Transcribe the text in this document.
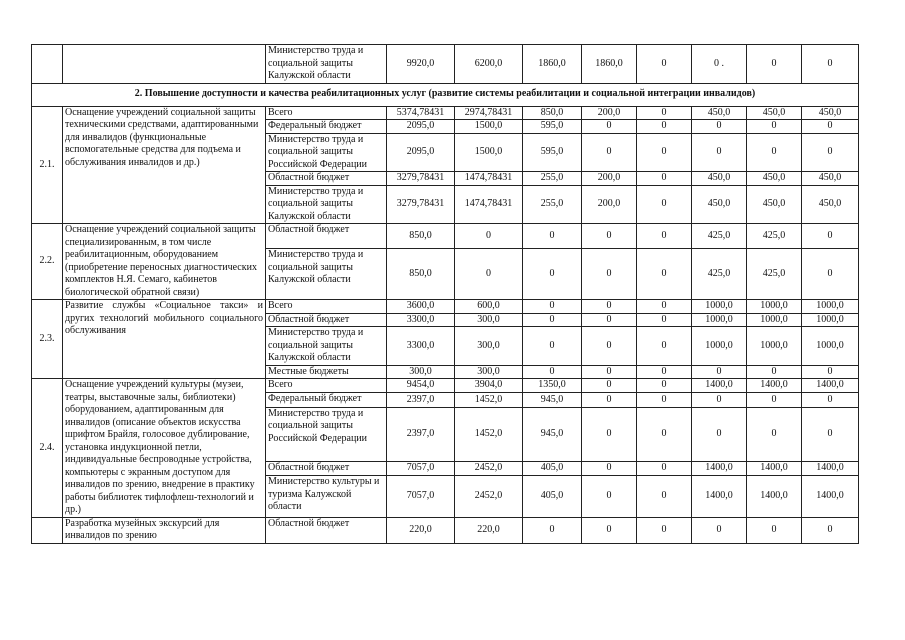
		Министерство труда и социальной защиты Калужской области	9920,0	6200,0	1860,0	1860,0	0	0 .	0	0
2. Повышение доступности и качества реабилитационных услуг (развитие системы реабилитации и социальной интеграции инвалидов)										
2.1.	Оснащение учреждений социальной защиты техническими средствами, адаптированными для инвалидов (функциональные вспомогательные средства для подъема и обслуживания инвалидов и др.)	Всего	5374,78431	2974,78431	850,0	200,0	0	450,0	450,0	450,0
		Федеральный бюджет	2095,0	1500,0	595,0	0	0	0	0	0
		Министерство труда и социальной защиты Российской Федерации	2095,0	1500,0	595,0	0	0	0	0	0
		Областной бюджет	3279,78431	1474,78431	255,0	200,0	0	450,0	450,0	450,0
		Министерство труда и социальной защиты Калужской области	3279,78431	1474,78431	255,0	200,0	0	450,0	450,0	450,0
2.2.	Оснащение учреждений социальной защиты специализированным, в том числе реабилитационным, оборудованием (приобретение переносных диагностических комплектов Н.Я. Семаго, кабинетов биологической обратной связи)	Областной бюджет	850,0	0	0	0	0	425,0	425,0	0
		Министерство труда и социальной защиты Калужской области	850,0	0	0	0	0	425,0	425,0	0
2.3.	Развитие службы «Социальное такси» и других технологий мобильного социального обслуживания	Всего	3600,0	600,0	0	0	0	1000,0	1000,0	1000,0
		Областной бюджет	3300,0	300,0	0	0	0	1000,0	1000,0	1000,0
		Министерство труда и социальной защиты Калужской области	3300,0	300,0	0	0	0	1000,0	1000,0	1000,0
		Местные бюджеты	300,0	300,0	0	0	0	0	0	0
2.4.	Оснащение учреждений культуры (музеи, театры, выставочные залы, библиотеки) оборудованием, адаптированным для инвалидов (описание объектов искусства шрифтом Брайля, голосовое дублирование, установка индукционной петли, индивидуальные беспроводные устройства, компьютеры с экранным доступом для инвалидов по зрению, внедрение в практику работы библиотек тифлофлеш-технологий и др.)	Всего	9454,0	3904,0	1350,0	0	0	1400,0	1400,0	1400,0
		Федеральный бюджет	2397,0	1452,0	945,0	0	0	0	0	0
		Министерство труда и социальной защиты Российской Федерации	2397,0	1452,0	945,0	0	0	0	0	0
		Областной бюджет	7057,0	2452,0	405,0	0	0	1400,0	1400,0	1400,0
		Министерство культуры и туризма Калужской области	7057,0	2452,0	405,0	0	0	1400,0	1400,0	1400,0
	Разработка музейных экскурсий для инвалидов по зрению	Областной бюджет	220,0	220,0	0	0	0	0	0	0
